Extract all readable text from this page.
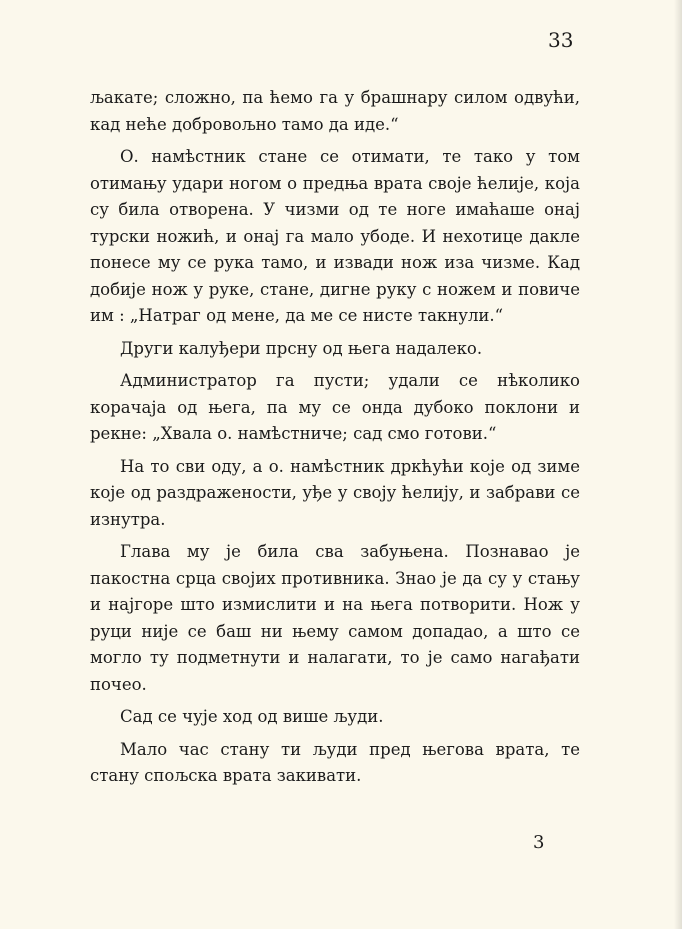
33

љакате; сложно, па ћемо га у брашнару силом одвући, кад неће добровољно тамо да иде.“

О. намѣстник стане се отимати, те тако у том отимању удари ногом о предња врата своје ћелије, која су била отворена. У чизми од те ноге имаћаше онај турски ножић, и онај га мало убоде. И нехотице дакле понесе му се рука тамо, и извади нож иза чизме. Кад добије нож у руке, стане, дигне руку с ножем и повиче им : „Натраг од мене, да ме се нисте такнули.“

Други калуђери прсну од њега надалеко.

Администратор га пусти; удали се нѣколико корачаја од њега, па му се онда дубоко поклони и рекне: „Хвала о. намѣстниче; сад смо готови.“

На то сви оду, а о. намѣстник дркћући које од зиме које од раздражености, уђе у своју ћелију, и забрави се изнутра.

Глава му је била сва забуњена. Познавао је пакостна срца својих противника. Знао је да су у стању и најгоре што измислити и на њега потворити. Нож у руци није се баш ни њему самом допадао, а што се могло ту подметнути и налагати, то је само нагађати почео.

Сад се чује ход од више људи.

Мало час стану ти људи пред његова врата, те стану спољска врата закивати.

3
